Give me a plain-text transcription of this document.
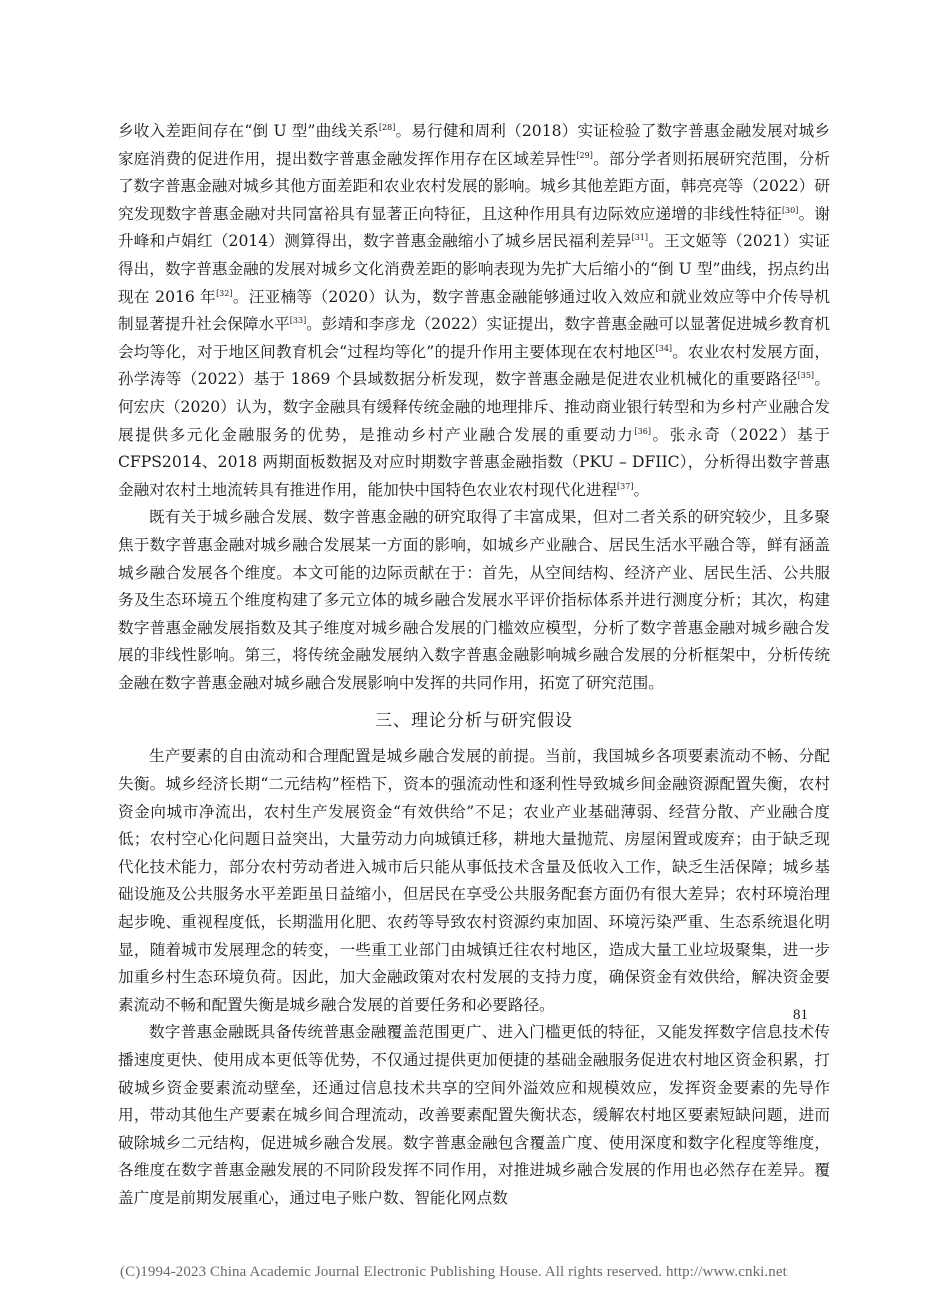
乡收入差距间存在“倒 U 型”曲线关系[28]。易行健和周利（2018）实证检验了数字普惠金融发展对城乡家庭消费的促进作用，提出数字普惠金融发挥作用存在区域差异性[29]。部分学者则拓展研究范围，分析了数字普惠金融对城乡其他方面差距和农业农村发展的影响。城乡其他差距方面，韩亮亮等（2022）研究发现数字普惠金融对共同富裕具有显著正向特征，且这种作用具有边际效应递增的非线性特征[30]。谢升峰和卢娟红（2014）测算得出，数字普惠金融缩小了城乡居民福利差异[31]。王文姬等（2021）实证得出，数字普惠金融的发展对城乡文化消费差距的影响表现为先扩大后缩小的“倒 U 型”曲线，拐点约出现在 2016 年[32]。汪亚楠等（2020）认为，数字普惠金融能够通过收入效应和就业效应等中介传导机制显著提升社会保障水平[33]。彭靖和李彦龙（2022）实证提出，数字普惠金融可以显著促进城乡教育机会均等化，对于地区间教育机会“过程均等化”的提升作用主要体现在农村地区[34]。农业农村发展方面，孙学涛等（2022）基于 1869 个县域数据分析发现，数字普惠金融是促进农业机械化的重要路径[35]。何宏庆（2020）认为，数字金融具有缓释传统金融的地理排斥、推动商业银行转型和为乡村产业融合发展提供多元化金融服务的优势，是推动乡村产业融合发展的重要动力[36]。张永奇（2022）基于 CFPS2014、2018 两期面板数据及对应时期数字普惠金融指数（PKU – DFIIC），分析得出数字普惠金融对农村土地流转具有推进作用，能加快中国特色农业农村现代化进程[37]。

既有关于城乡融合发展、数字普惠金融的研究取得了丰富成果，但对二者关系的研究较少，且多聚焦于数字普惠金融对城乡融合发展某一方面的影响，如城乡产业融合、居民生活水平融合等，鲜有涵盖城乡融合发展各个维度。本文可能的边际贡献在于：首先，从空间结构、经济产业、居民生活、公共服务及生态环境五个维度构建了多元立体的城乡融合发展水平评价指标体系并进行测度分析；其次，构建数字普惠金融发展指数及其子维度对城乡融合发展的门槛效应模型，分析了数字普惠金融对城乡融合发展的非线性影响。第三，将传统金融发展纳入数字普惠金融影响城乡融合发展的分析框架中，分析传统金融在数字普惠金融对城乡融合发展影响中发挥的共同作用，拓宽了研究范围。

三、理论分析与研究假设

生产要素的自由流动和合理配置是城乡融合发展的前提。当前，我国城乡各项要素流动不畅、分配失衡。城乡经济长期“二元结构”桎梏下，资本的强流动性和逐利性导致城乡间金融资源配置失衡，农村资金向城市净流出，农村生产发展资金“有效供给”不足；农业产业基础薄弱、经营分散、产业融合度低；农村空心化问题日益突出，大量劳动力向城镇迁移，耕地大量抛荒、房屋闲置或废弃；由于缺乏现代化技术能力，部分农村劳动者进入城市后只能从事低技术含量及低收入工作，缺乏生活保障；城乡基础设施及公共服务水平差距虽日益缩小，但居民在享受公共服务配套方面仍有很大差异；农村环境治理起步晚、重视程度低，长期滥用化肥、农药等导致农村资源约束加固、环境污染严重、生态系统退化明显，随着城市发展理念的转变，一些重工业部门由城镇迁往农村地区，造成大量工业垃圾聚集，进一步加重乡村生态环境负荷。因此，加大金融政策对农村发展的支持力度，确保资金有效供给，解决资金要素流动不畅和配置失衡是城乡融合发展的首要任务和必要路径。

数字普惠金融既具备传统普惠金融覆盖范围更广、进入门槛更低的特征，又能发挥数字信息技术传播速度更快、使用成本更低等优势，不仅通过提供更加便捷的基础金融服务促进农村地区资金积累，打破城乡资金要素流动壁垒，还通过信息技术共享的空间外溢效应和规模效应，发挥资金要素的先导作用，带动其他生产要素在城乡间合理流动，改善要素配置失衡状态，缓解农村地区要素短缺问题，进而破除城乡二元结构，促进城乡融合发展。数字普惠金融包含覆盖广度、使用深度和数字化程度等维度，各维度在数字普惠金融发展的不同阶段发挥不同作用，对推进城乡融合发展的作用也必然存在差异。覆盖广度是前期发展重心，通过电子账户数、智能化网点数

81
(C)1994-2023 China Academic Journal Electronic Publishing House. All rights reserved. http://www.cnki.net
